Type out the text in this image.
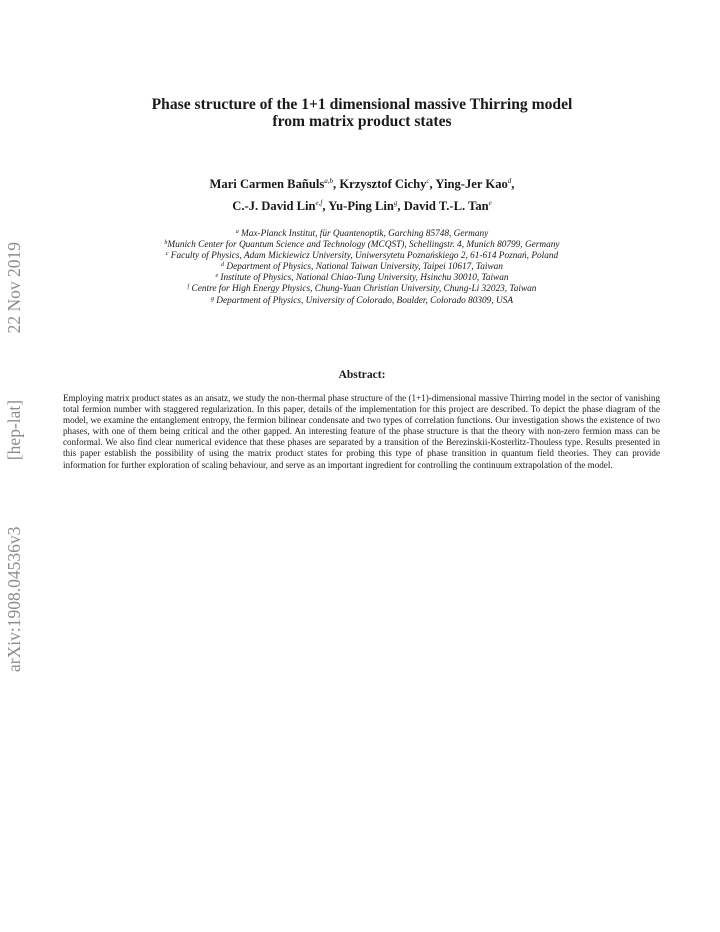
arXiv:1908.04536v3
[hep-lat]
22 Nov 2019
Phase structure of the 1+1 dimensional massive Thirring model
from matrix product states
Mari Carmen Bañuls$^{a,b}$, Krzysztof Cichy$^c$, Ying-Jer Kao$^d$,
C.-J. David Lin$^{e,f}$, Yu-Ping Lin$^g$, David T.-L. Tan$^e$
$^a$ Max-Planck Institut, für Quantenoptik, Garching 85748, Germany
$^b$Munich Center for Quantum Science and Technology (MCQST), Schellingstr. 4, Munich 80799, Germany
$^c$ Faculty of Physics, Adam Mickiewicz University, Uniwersytetu Poznańskiego 2, 61-614 Poznań, Poland
$^d$ Department of Physics, National Taiwan University, Taipei 10617, Taiwan
$^e$ Institute of Physics, National Chiao-Tung University, Hsinchu 30010, Taiwan
$^f$ Centre for High Energy Physics, Chung-Yuan Christian University, Chung-Li 32023, Taiwan
$^g$ Department of Physics, University of Colorado, Boulder, Colorado 80309, USA
Abstract:

Employing matrix product states as an ansatz, we study the non-thermal phase structure of the (1+1)-dimensional massive Thirring model in the sector of vanishing total fermion number with staggered regularization. In this paper, details of the implementation for this project are described. To depict the phase diagram of the model, we examine the entanglement entropy, the fermion bilinear condensate and two types of correlation functions. Our investigation shows the existence of two phases, with one of them being critical and the other gapped. An interesting feature of the phase structure is that the theory with non-zero fermion mass can be conformal. We also find clear numerical evidence that these phases are separated by a transition of the Berezinskii-Kosterlitz-Thouless type. Results presented in this paper establish the possibility of using the matrix product states for probing this type of phase transition in quantum field theories. They can provide information for further exploration of scaling behaviour, and serve as an important ingredient for controlling the continuum extrapolation of the model.
